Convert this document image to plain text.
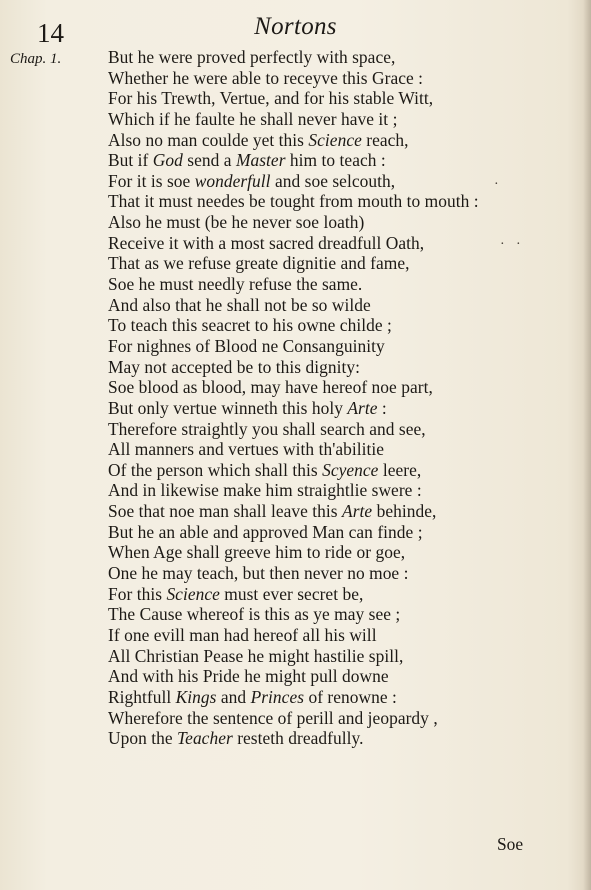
14	Nortons
Chap. 1.	But he were proved perfectly with space,
Whether he were able to receyve this Grace :
For his Trewth, Vertue, and for his stable Witt,
Which if he faulte he shall never have it ;
Also no man coulde yet this Science reach,
But if God send a Master him to teach :
For it is soe wonderfull and soe selcouth,
That it must needes be tought from mouth to mouth :
Also he must (be he never soe loath)
Receive it with a most sacred dreadfull Oath,
That as we refuse greate dignitie and fame,
Soe he must needly refuse the same.
And also that he shall not be so wilde
To teach this seacret to his owne childe ;
For nighnes of Blood ne Consanguinity
May not accepted be to this dignity:
Soe blood as blood, may have hereof noe part,
But only vertue winneth this holy Arte :
Therefore straightly you shall search and see,
All manners and vertues with th'abilitie
Of the person which shall this Scyence leere,
And in likewise make him straightlie swere :
Soe that noe man shall leave this Arte behinde,
But he an able and approved Man can finde ;
When Age shall greeve him to ride or goe,
One he may teach, but then never no moe :
For this Science must ever secret be,
The Cause whereof is this as ye may see ;
If one evill man had hereof all his will
All Christian Pease he might hastilie spill,
And with his Pride he might pull downe
Rightfull Kings and Princes of renowne :
Wherefore the sentence of perill and jeopardy ,
Upon the Teacher resteth dreadfully.
Soe
·
· ·
